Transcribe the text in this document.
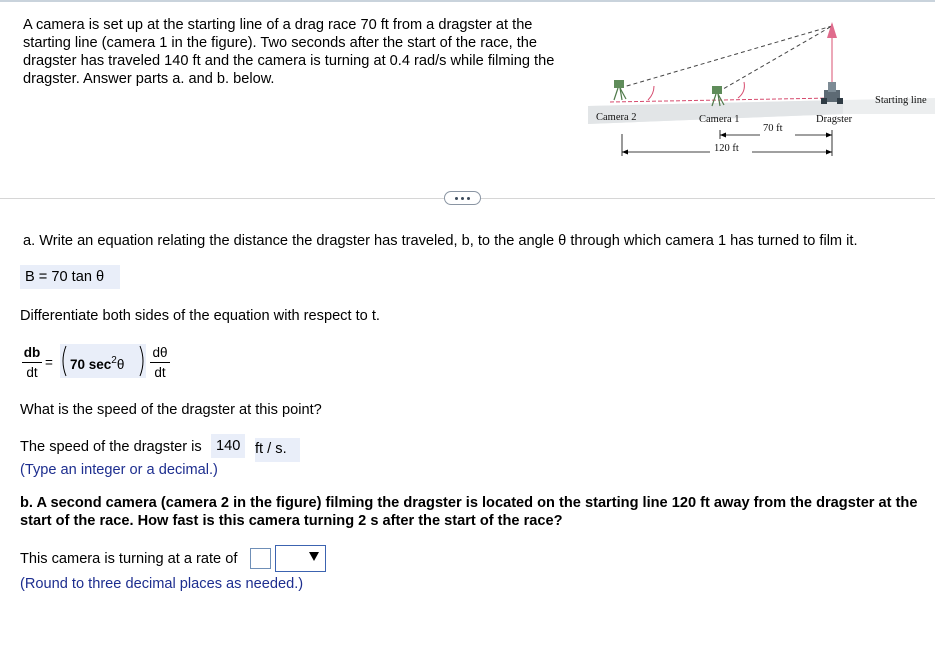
A camera is set up at the starting line of a drag race 70 ft from a dragster at the starting line (camera 1 in the figure). Two seconds after the start of the race, the dragster has traveled 140 ft and the camera is turning at 0.4 rad/s while filming the dragster. Answer parts a. and b. below.
Camera 2	Camera 1	Dragster
Starting line
70 ft
120 ft
a. Write an equation relating the distance the dragster has traveled, b, to the angle θ through which camera 1 has turned to film it.
B = 70 tan θ
Differentiate both sides of the equation with respect to t.
db
dt
= 70 $\sec^2\theta$
dθ
dt
What is the speed of the dragster at this point?
The speed of the dragster is 140	ft / s.
(Type an integer or a decimal.)
b. A second camera (camera 2 in the figure) filming the dragster is located on the starting line 120 ft away from the dragster at the start of the race. How fast is this camera turning 2 s after the start of the race?
This camera is turning at a rate of
(Round to three decimal places as needed.)
